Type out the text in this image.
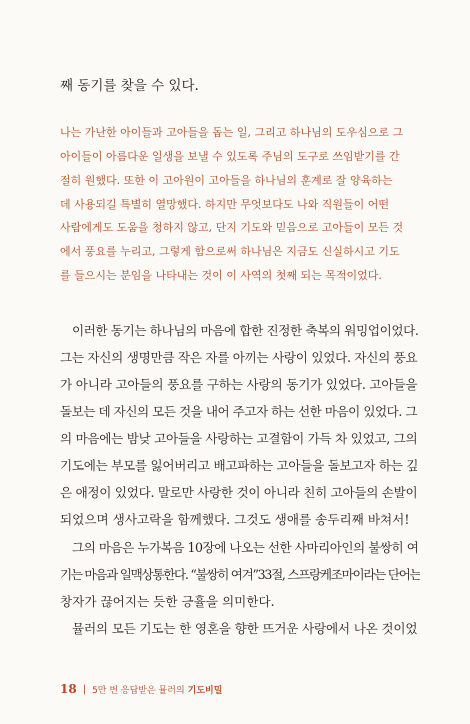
째 동기를 찾을 수 있다.
나는 가난한 아이들과 고아들을 돕는 일, 그리고 하나님의 도우심으로 그
아이들이 아름다운 일생을 보낼 수 있도록 주님의 도구로 쓰임받기를 간
절히 원했다. 또한 이 고아원이 고아들을 하나님의 훈계로 잘 양육하는
데 사용되길 특별히 열망했다. 하지만 무엇보다도 나와 직원들이 어떤
사람에게도 도움을 청하지 않고, 단지 기도와 믿음으로 고아들이 모든 것
에서 풍요를 누리고, 그렇게 함으로써 하나님은 지금도 신실하시고 기도
를 들으시는 분임을 나타내는 것이 이 사역의 첫째 되는 목적이었다.
이러한 동기는 하나님의 마음에 합한 진정한 축복의 워밍업이었다.
그는 자신의 생명만큼 작은 자를 아끼는 사랑이 있었다. 자신의 풍요
가 아니라 고아들의 풍요를 구하는 사랑의 동기가 있었다. 고아들을
돌보는 데 자신의 모든 것을 내어 주고자 하는 선한 마음이 있었다. 그
의 마음에는 밤낮 고아들을 사랑하는 고결함이 가득 차 있었고, 그의
기도에는 부모를 잃어버리고 배고파하는 고아들을 돌보고자 하는 깊
은 애정이 있었다. 말로만 사랑한 것이 아니라 친히 고아들의 손발이
되었으며 생사고락을 함께했다. 그것도 생애를 송두리째 바쳐서!
그의 마음은 누가복음 10장에 나오는 선한 사마리아인의 불쌍히 여
기는 마음과 일맥상통한다. “불쌍히 여겨”33절, 스프랑케조마이라는 단어는
창자가 끊어지는 듯한 긍휼을 의미한다.
뮬러의 모든 기도는 한 영혼을 향한 뜨거운 사랑에서 나온 것이었
18 | 5만 번 응답받은 뮬러의 기도비밀
